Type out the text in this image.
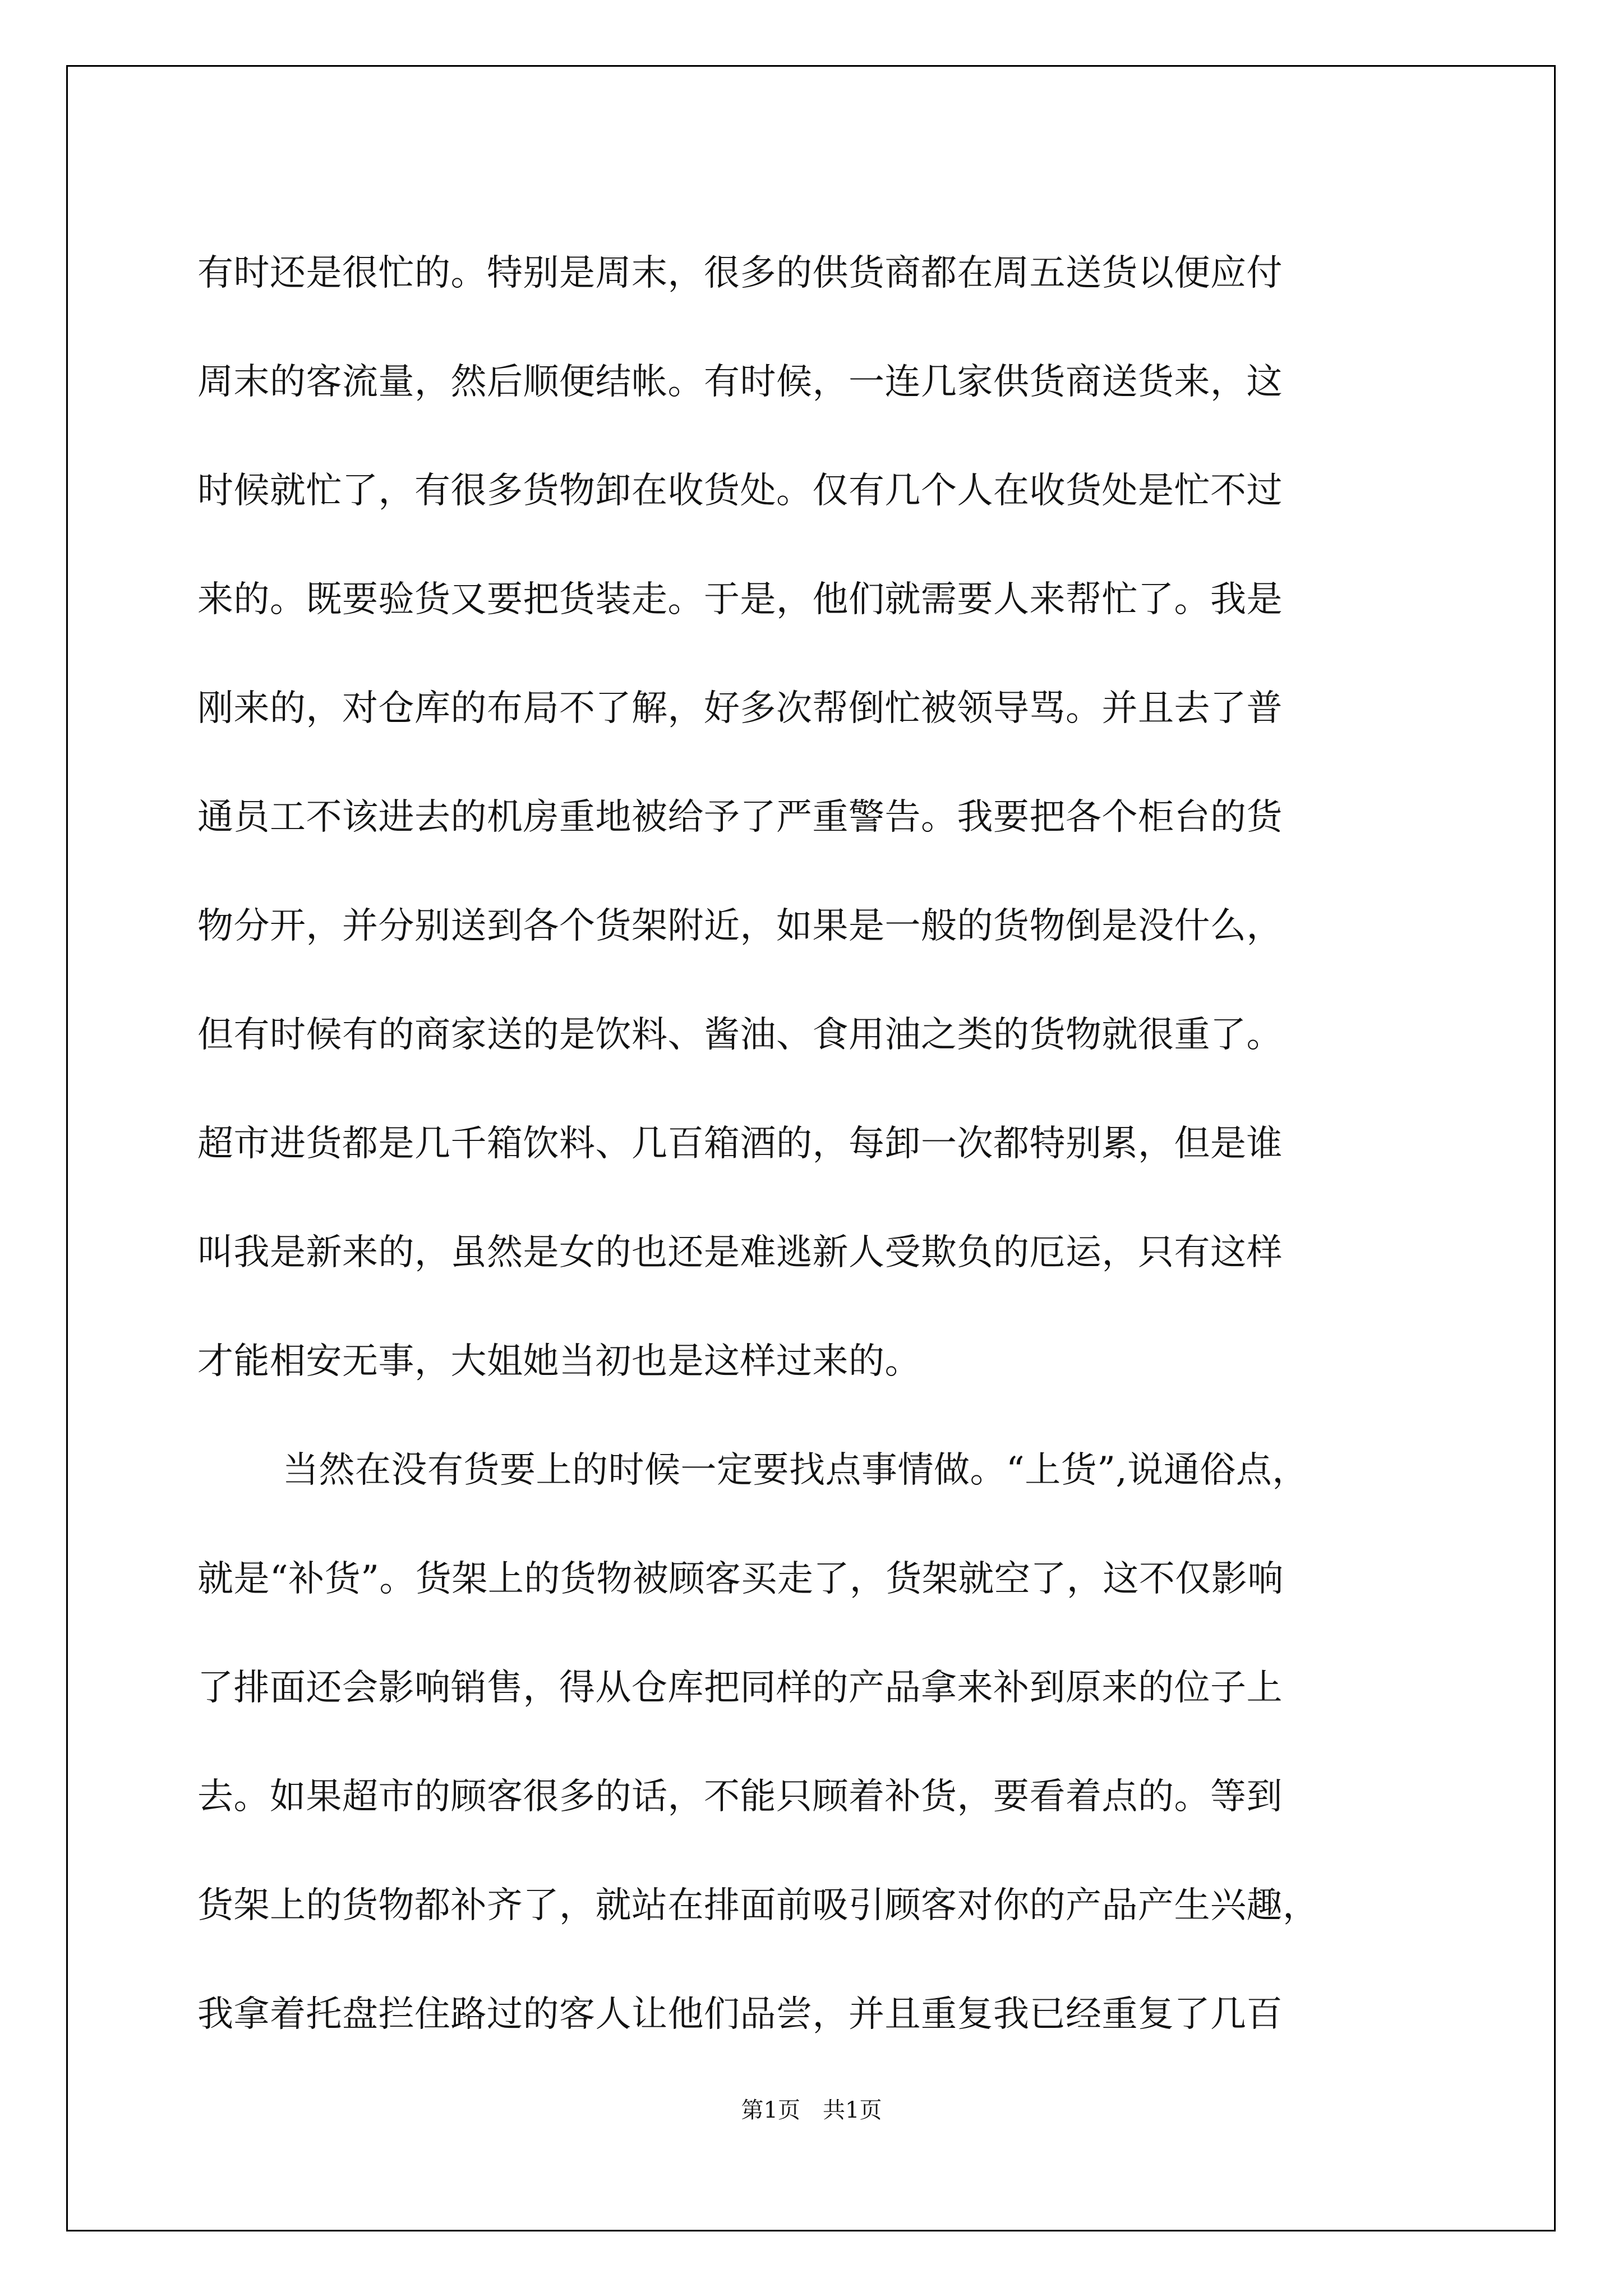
有时还是很忙的。特别是周末，很多的供货商都在周五送货以便应付

周末的客流量，然后顺便结帐。有时候，一连几家供货商送货来，这

时候就忙了，有很多货物卸在收货处。仅有几个人在收货处是忙不过

来的。既要验货又要把货装走。于是，他们就需要人来帮忙了。我是

刚来的，对仓库的布局不了解，好多次帮倒忙被领导骂。并且去了普

通员工不该进去的机房重地被给予了严重警告。我要把各个柜台的货

物分开，并分别送到各个货架附近，如果是一般的货物倒是没什么，

但有时候有的商家送的是饮料、酱油、食用油之类的货物就很重了。

超市进货都是几千箱饮料、几百箱酒的，每卸一次都特别累，但是谁

叫我是新来的，虽然是女的也还是难逃新人受欺负的厄运，只有这样

才能相安无事，大姐她当初也是这样过来的。

当然在没有货要上的时候一定要找点事情做。“上货”,说通俗点，

就是“补货”。货架上的货物被顾客买走了，货架就空了，这不仅影响

了排面还会影响销售，得从仓库把同样的产品拿来补到原来的位子上

去。如果超市的顾客很多的话，不能只顾着补货，要看着点的。等到

货架上的货物都补齐了，就站在排面前吸引顾客对你的产品产生兴趣，

我拿着托盘拦住路过的客人让他们品尝，并且重复我已经重复了几百

第1页　共1页
